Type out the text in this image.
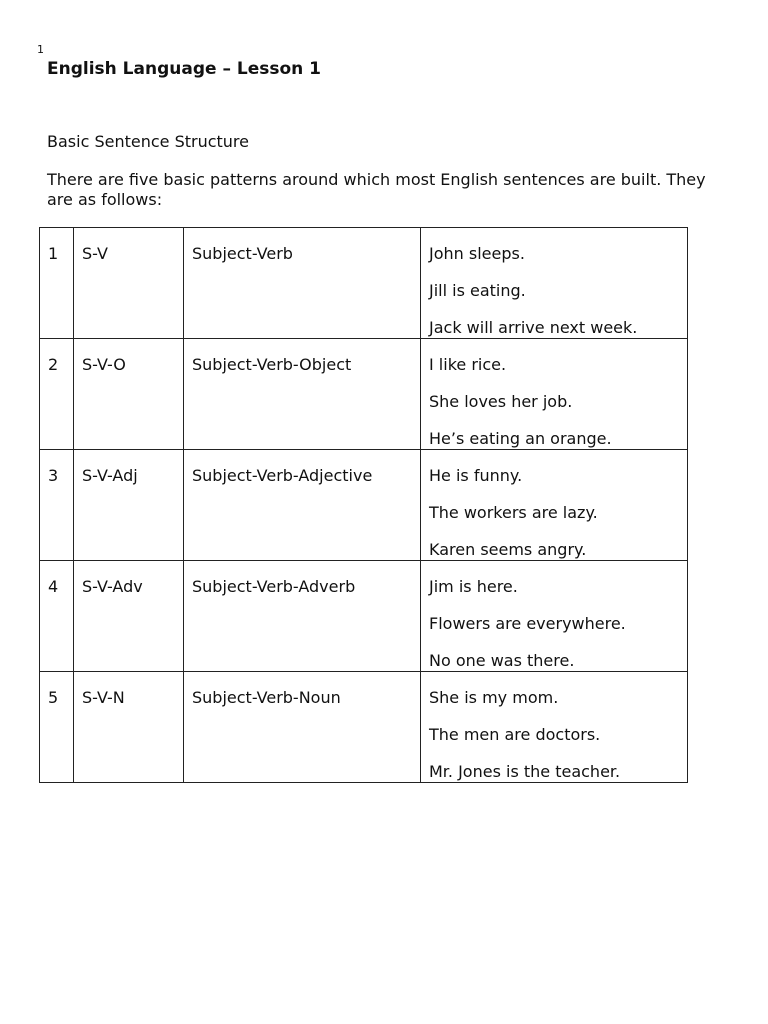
1
English Language – Lesson 1
Basic Sentence Structure

There are five basic patterns around which most English sentences are built. They are as follows:

1	S-V	Subject-Verb	John sleeps.
Jill is eating.
Jack will arrive next week.

2	S-V-O	Subject-Verb-Object	I like rice.
She loves her job.
He’s eating an orange.

3	S-V-Adj	Subject-Verb-Adjective	He is funny.
The workers are lazy.
Karen seems angry.

4	S-V-Adv	Subject-Verb-Adverb	Jim is here.
Flowers are everywhere.
No one was there.

5	S-V-N	Subject-Verb-Noun	She is my mom.
The men are doctors.
Mr. Jones is the teacher.
